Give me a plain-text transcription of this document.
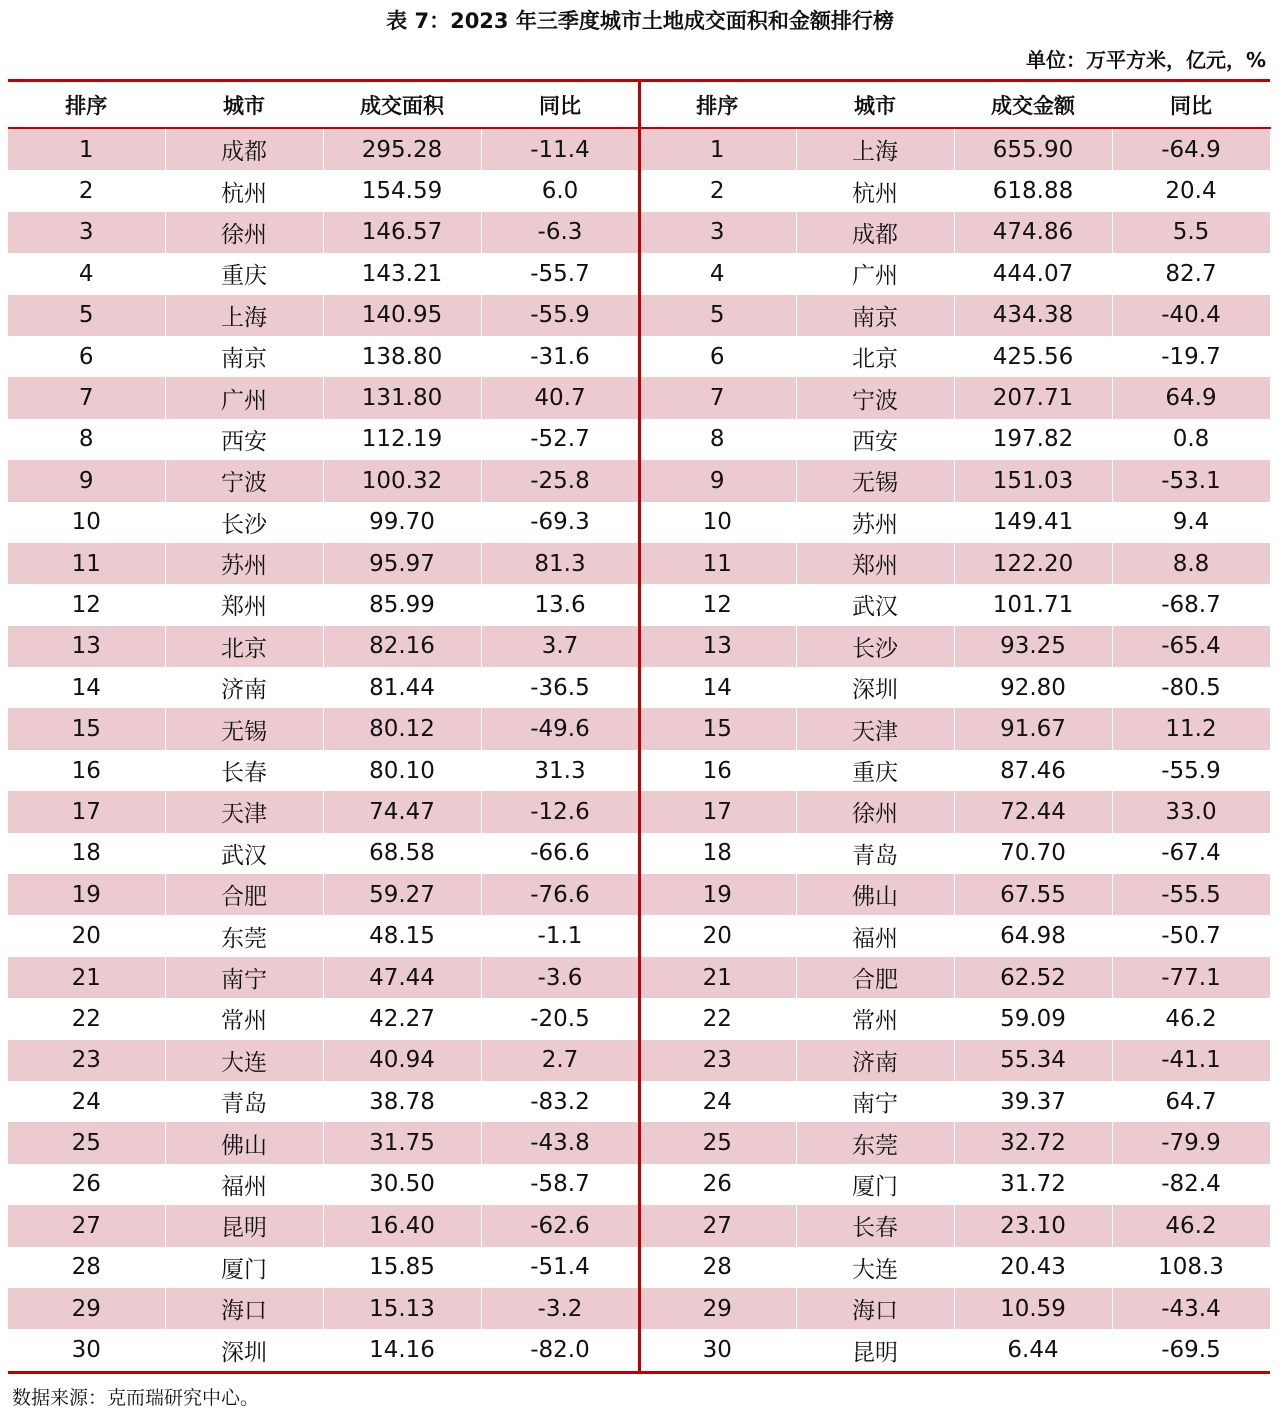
表 7：2023 年三季度城市土地成交面积和金额排行榜
单位：万平方米，亿元，%
排序	城市	成交面积	同比
1	成都	295.28	-11.4
2	杭州	154.59	6.0
3	徐州	146.57	-6.3
4	重庆	143.21	-55.7
5	上海	140.95	-55.9
6	南京	138.80	-31.6
7	广州	131.80	40.7
8	西安	112.19	-52.7
9	宁波	100.32	-25.8
10	长沙	99.70	-69.3
11	苏州	95.97	81.3
12	郑州	85.99	13.6
13	北京	82.16	3.7
14	济南	81.44	-36.5
15	无锡	80.12	-49.6
16	长春	80.10	31.3
17	天津	74.47	-12.6
18	武汉	68.58	-66.6
19	合肥	59.27	-76.6
20	东莞	48.15	-1.1
21	南宁	47.44	-3.6
22	常州	42.27	-20.5
23	大连	40.94	2.7
24	青岛	38.78	-83.2
25	佛山	31.75	-43.8
26	福州	30.50	-58.7
27	昆明	16.40	-62.6
28	厦门	15.85	-51.4
29	海口	15.13	-3.2
30	深圳	14.16	-82.0
排序	城市	成交金额	同比
1	上海	655.90	-64.9
2	杭州	618.88	20.4
3	成都	474.86	5.5
4	广州	444.07	82.7
5	南京	434.38	-40.4
6	北京	425.56	-19.7
7	宁波	207.71	64.9
8	西安	197.82	0.8
9	无锡	151.03	-53.1
10	苏州	149.41	9.4
11	郑州	122.20	8.8
12	武汉	101.71	-68.7
13	长沙	93.25	-65.4
14	深圳	92.80	-80.5
15	天津	91.67	11.2
16	重庆	87.46	-55.9
17	徐州	72.44	33.0
18	青岛	70.70	-67.4
19	佛山	67.55	-55.5
20	福州	64.98	-50.7
21	合肥	62.52	-77.1
22	常州	59.09	46.2
23	济南	55.34	-41.1
24	南宁	39.37	64.7
25	东莞	32.72	-79.9
26	厦门	31.72	-82.4
27	长春	23.10	46.2
28	大连	20.43	108.3
29	海口	10.59	-43.4
30	昆明	6.44	-69.5
数据来源：克而瑞研究中心。
